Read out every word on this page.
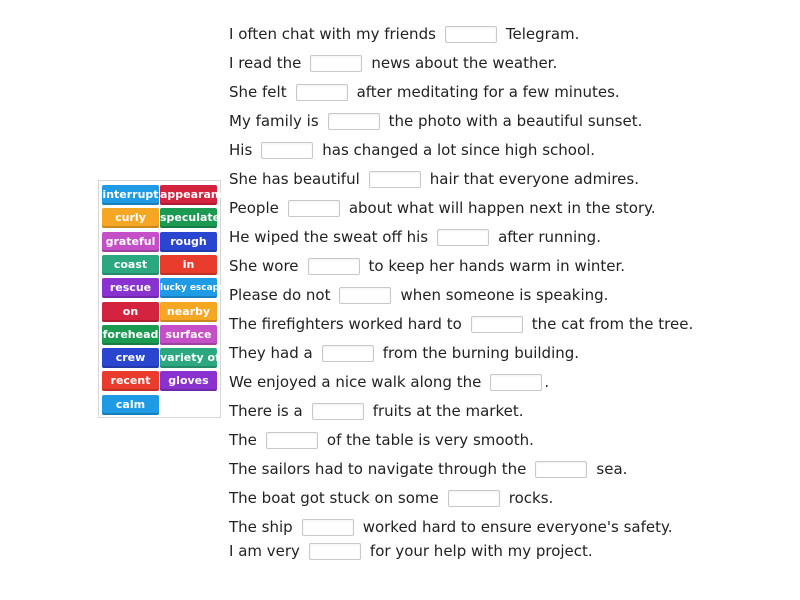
interrupt appearance
curly	speculate
grateful	rough
coast	in
rescue lucky escape
on	nearby
forehead surface
crew	variety of
recent	gloves
calm
I often chat with my friends	Telegram.
I read the	news about the weather.
She felt	after meditating for a few minutes.
My family is	the photo with a beautiful sunset.
His	has changed a lot since high school.
She has beautiful	hair that everyone admires.
People	about what will happen next in the story.
He wiped the sweat off his	after running.
She wore	to keep her hands warm in winter.
Please do not	when someone is speaking.
The firefighters worked hard to	the cat from the tree.
They had a	from the burning building.
We enjoyed a nice walk along the	.
There is a	fruits at the market.
The	of the table is very smooth.
The sailors had to navigate through the	sea.
The boat got stuck on some	rocks.
The ship	worked hard to ensure everyone's safety.
I am very	for your help with my project.
